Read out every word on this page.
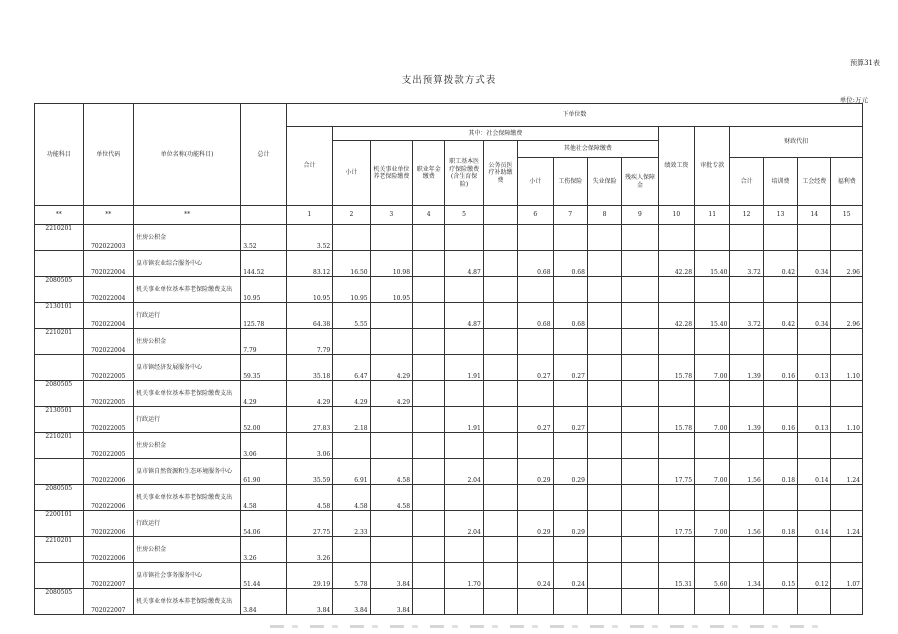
预算31表
支出预算拨款方式表
单位:万元
功能科目	单位代码	单位名称(功能科目)	总计	下单位数															
				合计	其中：社会保障缴费									绩效工资	审批专款	财政代扣			
					小计	机关事业单位养老保险缴费	职业年金缴费	职工基本医疗保险缴费(含生育保险)	公务员医疗补助缴费	其他社会保障缴费									
										小计	工伤保险	失业保险	残疾人保障金			合计	培训费	工会经费	福利费
**	**	**		1	2	3	4	5		6	7	8	9	10	11	12	13	14	15
2210201	702022003	住房公积金	3.52	3.52															
	702022004	皇市镇农业综合服务中心	144.52	83.12	16.50	10.98		4.87		0.68	0.68			42.28	15.40	3.72	0.42	0.34	2.96
2080505	702022004	机关事业单位基本养老保险缴费支出	10.95	10.95	10.95	10.95													
2130101	702022004	行政运行	125.78	64.38	5.55			4.87		0.68	0.68			42.28	15.40	3.72	0.42	0.34	2.96
2210201	702022004	住房公积金	7.79	7.79															
	702022005	皇市镇经济发展服务中心	59.35	35.18	6.47	4.29		1.91		0.27	0.27			15.78	7.00	1.39	0.16	0.13	1.10
2080505	702022005	机关事业单位基本养老保险缴费支出	4.29	4.29	4.29	4.29													
2130501	702022005	行政运行	52.00	27.83	2.18			1.91		0.27	0.27			15.78	7.00	1.39	0.16	0.13	1.10
2210201	702022005	住房公积金	3.06	3.06															
	702022006	皇市镇自然资源和生态环境服务中心	61.90	35.59	6.91	4.58		2.04		0.29	0.29			17.75	7.00	1.56	0.18	0.14	1.24
2080505	702022006	机关事业单位基本养老保险缴费支出	4.58	4.58	4.58	4.58													
2200101	702022006	行政运行	54.06	27.75	2.33			2.04		0.29	0.29			17.75	7.00	1.56	0.18	0.14	1.24
2210201	702022006	住房公积金	3.26	3.26															
	702022007	皇市镇社会事务服务中心	51.44	29.19	5.78	3.84		1.70		0.24	0.24			15.31	5.60	1.34	0.15	0.12	1.07
2080505	702022007	机关事业单位基本养老保险缴费支出	3.84	3.84	3.84	3.84													
